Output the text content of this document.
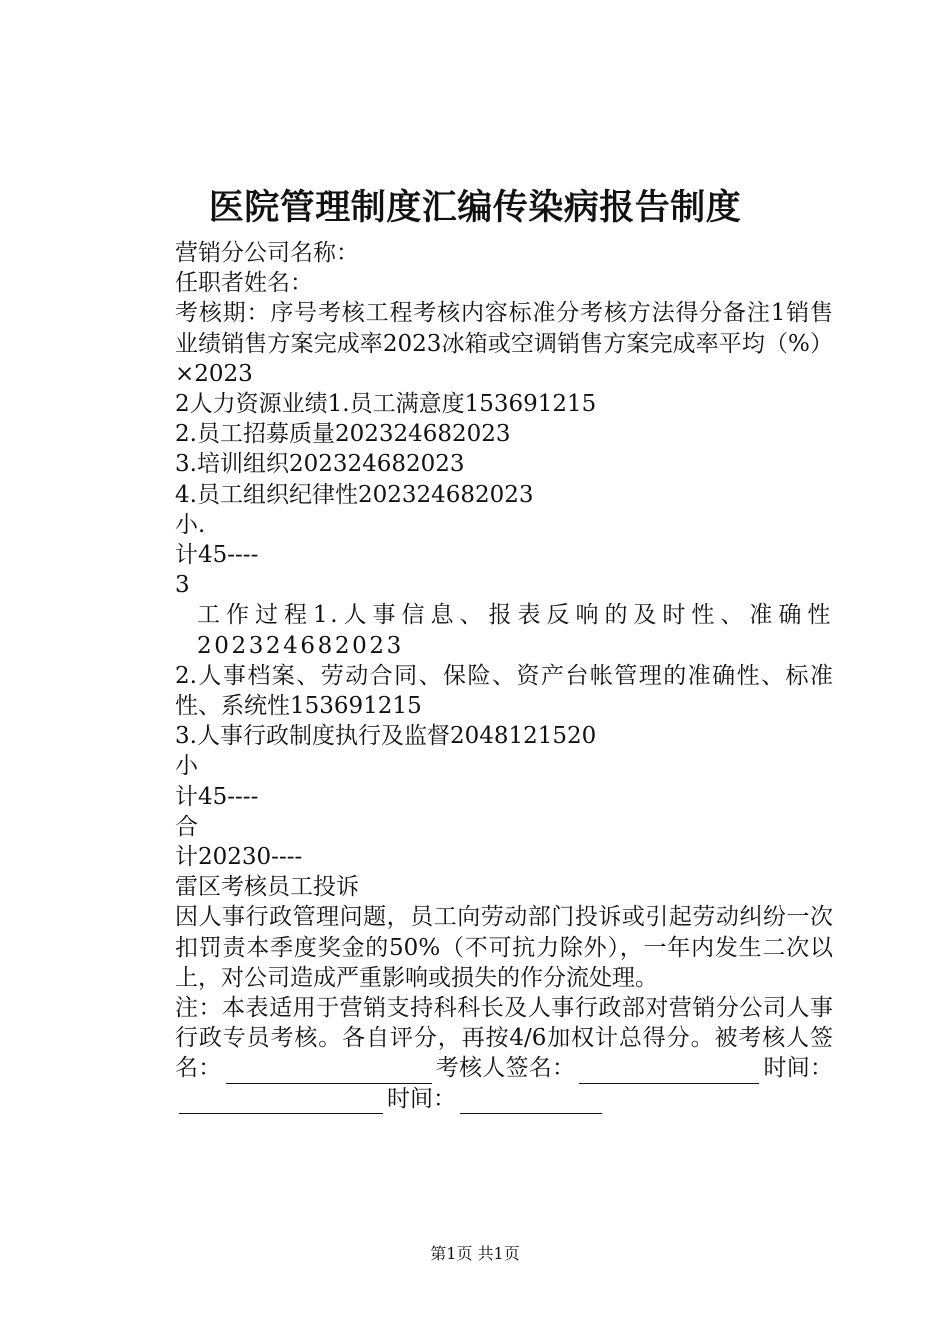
医院管理制度汇编传染病报告制度
营销分公司名称：
任职者姓名：
考核期：序号考核工程考核内容标准分考核方法得分备注1销售业绩销售方案完成率2023冰箱或空调销售方案完成率平均（%）×2023
2人力资源业绩1.员工满意度153691215
2.员工招募质量202324682023
3.培训组织202324682023
4.员工组织纪律性202324682023
小.
计45----
3
工作过程1.人事信息、报表反响的及时性、准确性202324682023
2.人事档案、劳动合同、保险、资产台帐管理的准确性、标准性、系统性153691215
3.人事行政制度执行及监督2048121520
小
计45----
合
计20230----
雷区考核员工投诉
因人事行政管理问题，员工向劳动部门投诉或引起劳动纠纷一次扣罚责本季度奖金的50%（不可抗力除外），一年内发生二次以上，对公司造成严重影响或损失的作分流处理。
注：本表适用于营销支持科科长及人事行政部对营销分公司人事行政专员考核。各自评分，再按4/6加权计总得分。被考核人签名：	考核人签名：	时间：时间：
第1页 共1页
